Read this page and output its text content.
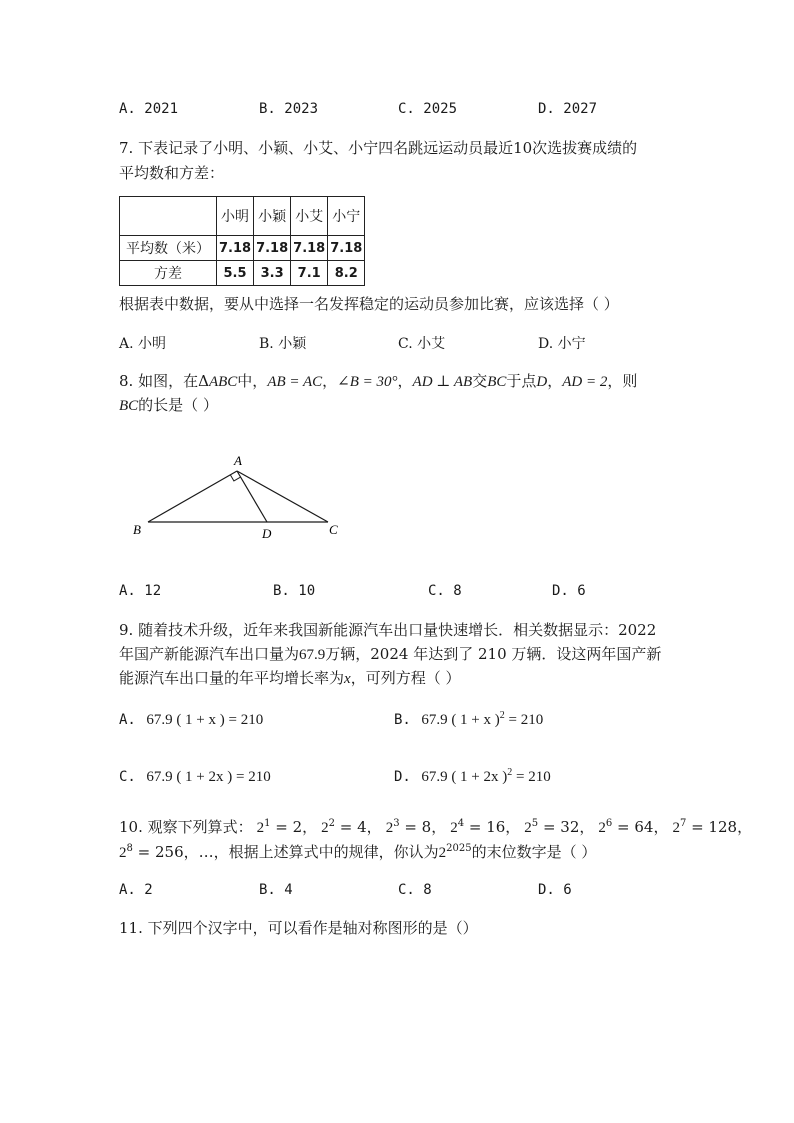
A. 2021	B. 2023	C. 2025	D. 2027
7. 下表记录了小明、小颖、小艾、小宁四名跳远运动员最近10次选拔赛成绩的
平均数和方差：
	小明	小颖	小艾	小宁
平均数（米）	7.18	7.18	7.18	7.18
方差	5.5	3.3	7.1	8.2
根据表中数据，要从中选择一名发挥稳定的运动员参加比赛，应该选择（ ）
A. 小明	B. 小颖	C. 小艾	D. 小宁
8. 如图，在ΔABC中，AB = AC，∠B = 30°，AD ⊥ AB交BC于点D，AD = 2，则
BC的长是（ ）
A
B	D	C
A. 12	B. 10	C. 8	D. 6
9. 随着技术升级，近年来我国新能源汽车出口量快速增长．相关数据显示：2022
年国产新能源汽车出口量为67.9万辆，2024 年达到了 210 万辆．设这两年国产新
能源汽车出口量的年平均增长率为x，可列方程（ ）
A. 67.9 ( 1 + x ) = 210	B. 67.9 ( 1 + x )$^2$ = 210
C. 67.9 ( 1 + 2x ) = 210	D. 67.9 ( 1 + 2x )$^2$ = 210
10. 观察下列算式： $2^1 = 2$， $2^2 = 4$， $2^3 = 8$， $2^4 = 16$， $2^5 = 32$， $2^6 = 64$， $2^7 = 128$，
$2^8 = 256$，…，根据上述算式中的规律，你认为$2^{2025}$的末位数字是（ ）
A. 2	B. 4	C. 8	D. 6
11. 下列四个汉字中，可以看作是轴对称图形的是（）
